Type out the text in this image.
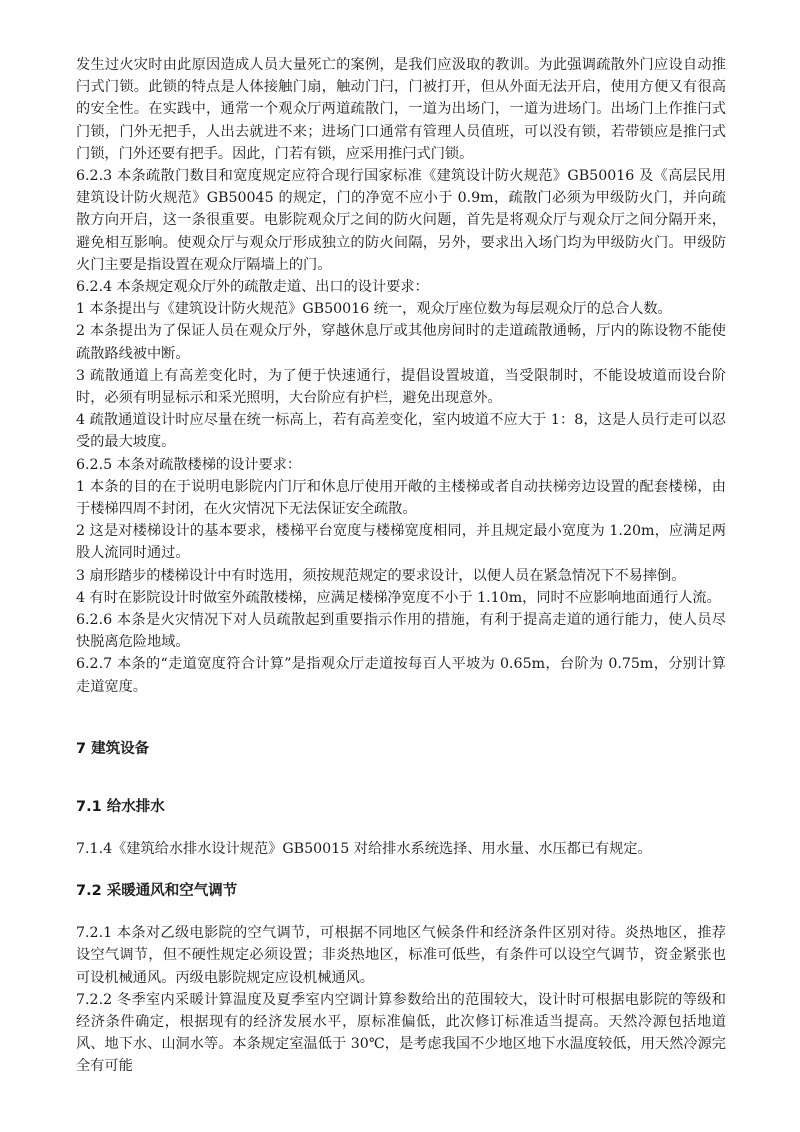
发生过火灾时由此原因造成人员大量死亡的案例，是我们应汲取的教训。为此强调疏散外门应设自动推闩式门锁。此锁的特点是人体接触门扇，触动门闩，门被打开，但从外面无法开启，使用方便又有很高的安全性。在实践中，通常一个观众厅两道疏散门，一道为出场门，一道为进场门。出场门上作推闩式门锁，门外无把手，人出去就进不来；进场门口通常有管理人员值班，可以没有锁，若带锁应是推闩式门锁，门外还要有把手。因此，门若有锁，应采用推闩式门锁。

6.2.3 本条疏散门数目和宽度规定应符合现行国家标准《建筑设计防火规范》GB50016 及《高层民用建筑设计防火规范》GB50045 的规定，门的净宽不应小于 0.9m，疏散门必须为甲级防火门，并向疏散方向开启，这一条很重要。电影院观众厅之间的防火问题，首先是将观众厅与观众厅之间分隔开来，避免相互影响。使观众厅与观众厅形成独立的防火间隔，另外，要求出入场门均为甲级防火门。甲级防火门主要是指设置在观众厅隔墙上的门。

6.2.4 本条规定观众厅外的疏散走道、出口的设计要求：

1 本条提出与《建筑设计防火规范》GB50016 统一，观众厅座位数为每层观众厅的总合人数。

2 本条提出为了保证人员在观众厅外，穿越休息厅或其他房间时的走道疏散通畅，厅内的陈设物不能使疏散路线被中断。

3 疏散通道上有高差变化时，为了便于快速通行，提倡设置坡道，当受限制时，不能设坡道而设台阶时，必须有明显标示和采光照明，大台阶应有护栏，避免出现意外。

4 疏散通道设计时应尽量在统一标高上，若有高差变化，室内坡道不应大于 1：8，这是人员行走可以忍受的最大坡度。

6.2.5 本条对疏散楼梯的设计要求：

1 本条的目的在于说明电影院内门厅和休息厅使用开敞的主楼梯或者自动扶梯旁边设置的配套楼梯，由于楼梯四周不封闭，在火灾情况下无法保证安全疏散。

2 这是对楼梯设计的基本要求，楼梯平台宽度与楼梯宽度相同，并且规定最小宽度为 1.20m，应满足两股人流同时通过。

3 扇形踏步的楼梯设计中有时选用，须按规范规定的要求设计，以便人员在紧急情况下不易摔倒。

4 有时在影院设计时做室外疏散楼梯，应满足楼梯净宽度不小于 1.10m，同时不应影响地面通行人流。

6.2.6 本条是火灾情况下对人员疏散起到重要指示作用的措施，有利于提高走道的通行能力，使人员尽快脱离危险地域。

6.2.7 本条的“走道宽度符合计算”是指观众厅走道按每百人平坡为 0.65m，台阶为 0.75m，分别计算走道宽度。

7 建筑设备
7.1 给水排水

7.1.4《建筑给水排水设计规范》GB50015 对给排水系统选择、用水量、水压都已有规定。

7.2 采暖通风和空气调节

7.2.1 本条对乙级电影院的空气调节，可根据不同地区气候条件和经济条件区别对待。炎热地区，推荐设空气调节，但不硬性规定必须设置；非炎热地区，标准可低些，有条件可以设空气调节，资金紧张也可设机械通风。丙级电影院规定应设机械通风。

7.2.2 冬季室内采暖计算温度及夏季室内空调计算参数给出的范围较大，设计时可根据电影院的等级和经济条件确定，根据现有的经济发展水平，原标准偏低，此次修订标准适当提高。天然冷源包括地道风、地下水、山洞水等。本条规定室温低于 30℃，是考虑我国不少地区地下水温度较低，用天然冷源完全有可能
